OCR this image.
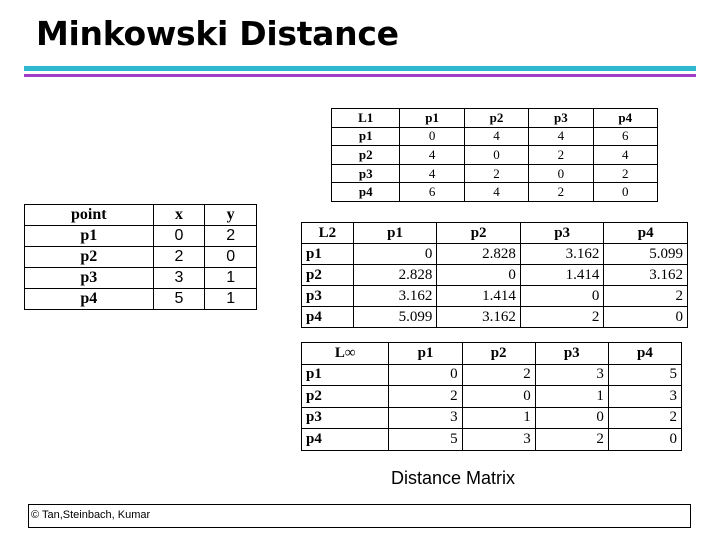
Minkowski Distance
point	x	y
p1	0	2
p2	2	0
p3	3	1
p4	5	1
L1	p1	p2	p3	p4
p1	0	4	4	6
p2	4	0	2	4
p3	4	2	0	2
p4	6	4	2	0
L2	p1	p2	p3	p4
p1	0	2.828	3.162	5.099
p2	2.828	0	1.414	3.162
p3	3.162	1.414	0	2
p4	5.099	3.162	2	0
L∞	p1	p2	p3	p4
p1	0	2	3	5
p2	2	0	1	3
p3	3	1	0	2
p4	5	3	2	0
Distance Matrix
© Tan,Steinbach, Kumar
